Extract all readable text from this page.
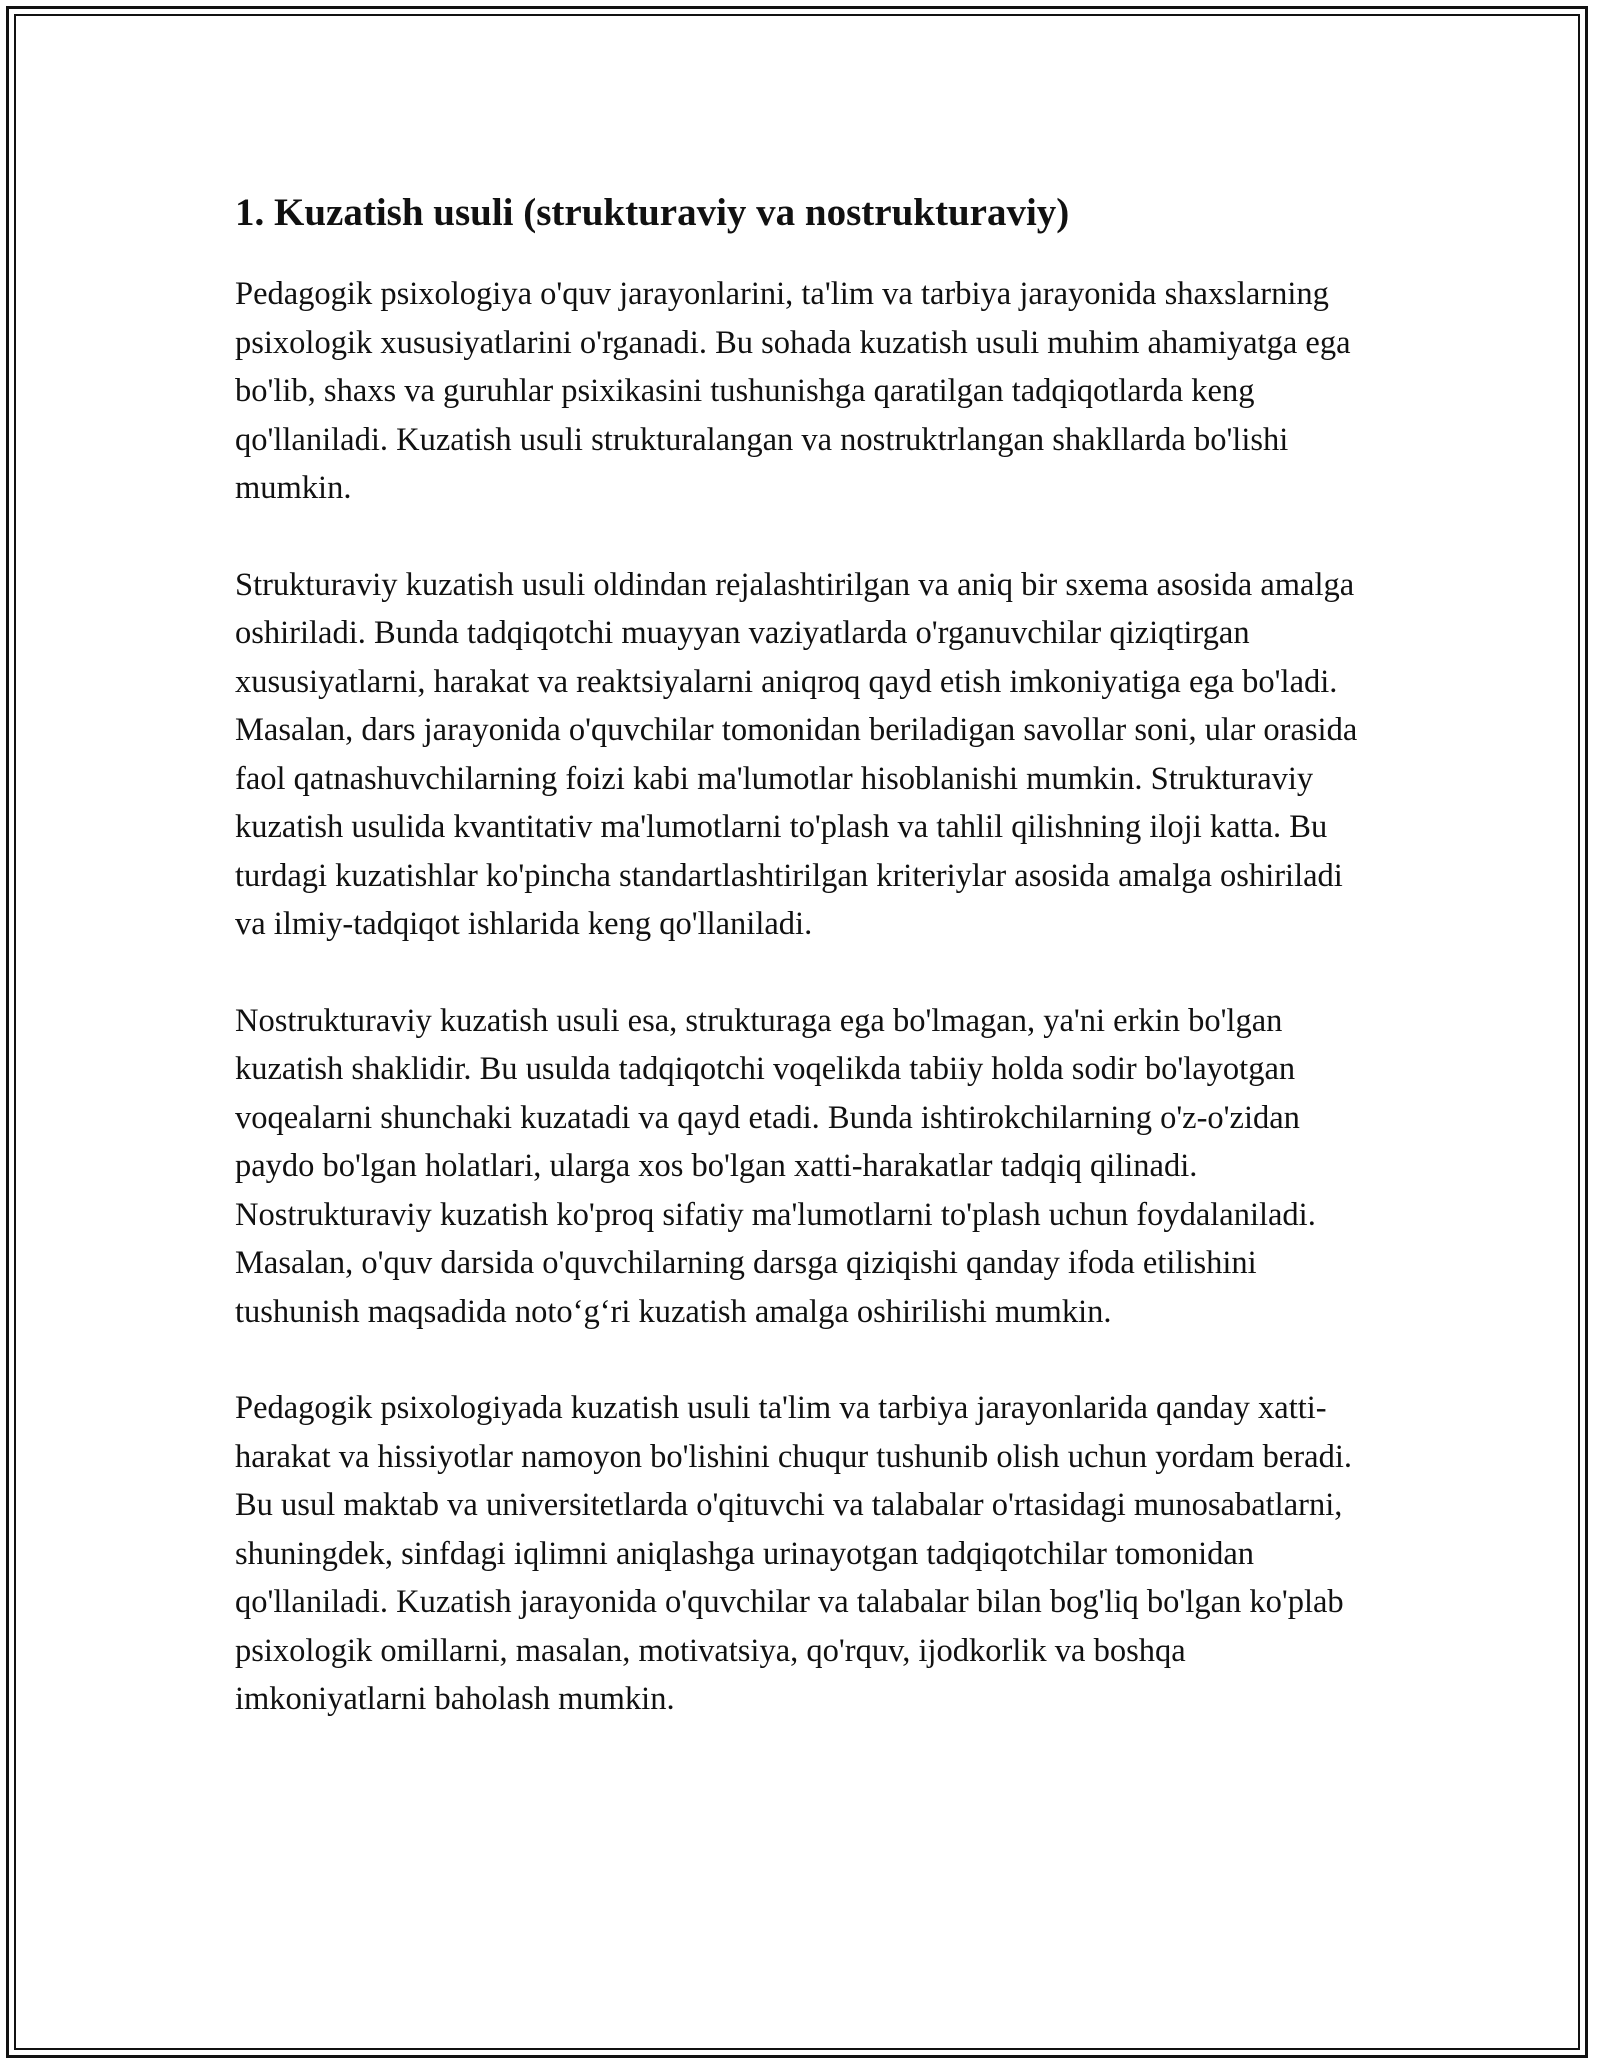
1. Kuzatish usuli (strukturaviy va nostrukturaviy)

Pedagogik psixologiya o'quv jarayonlarini, ta'lim va tarbiya jarayonida shaxslarning psixologik xususiyatlarini o'rganadi. Bu sohada kuzatish usuli muhim ahamiyatga ega bo'lib, shaxs va guruhlar psixikasini tushunishga qaratilgan tadqiqotlarda keng qo'llaniladi. Kuzatish usuli strukturalangan va nostruktrlangan shakllarda bo'lishi mumkin.

Strukturaviy kuzatish usuli oldindan rejalashtirilgan va aniq bir sxema asosida amalga oshiriladi. Bunda tadqiqotchi muayyan vaziyatlarda o'rganuvchilar qiziqtirgan xususiyatlarni, harakat va reaktsiyalarni aniqroq qayd etish imkoniyatiga ega bo'ladi. Masalan, dars jarayonida o'quvchilar tomonidan beriladigan savollar soni, ular orasida faol qatnashuvchilarning foizi kabi ma'lumotlar hisoblanishi mumkin. Strukturaviy kuzatish usulida kvantitativ ma'lumotlarni to'plash va tahlil qilishning iloji katta. Bu turdagi kuzatishlar ko'pincha standartlashtirilgan kriteriylar asosida amalga oshiriladi va ilmiy-tadqiqot ishlarida keng qo'llaniladi.

Nostrukturaviy kuzatish usuli esa, strukturaga ega bo'lmagan, ya'ni erkin bo'lgan kuzatish shaklidir. Bu usulda tadqiqotchi voqelikda tabiiy holda sodir bo'layotgan voqealarni shunchaki kuzatadi va qayd etadi. Bunda ishtirokchilarning o'z-o'zidan paydo bo'lgan holatlari, ularga xos bo'lgan xatti-harakatlar tadqiq qilinadi. Nostrukturaviy kuzatish ko'proq sifatiy ma'lumotlarni to'plash uchun foydalaniladi. Masalan, o'quv darsida o'quvchilarning darsga qiziqishi qanday ifoda etilishini tushunish maqsadida noto‘g‘ri kuzatish amalga oshirilishi mumkin.

Pedagogik psixologiyada kuzatish usuli ta'lim va tarbiya jarayonlarida qanday xatti-harakat va hissiyotlar namoyon bo'lishini chuqur tushunib olish uchun yordam beradi. Bu usul maktab va universitetlarda o'qituvchi va talabalar o'rtasidagi munosabatlarni, shuningdek, sinfdagi iqlimni aniqlashga urinayotgan tadqiqotchilar tomonidan qo'llaniladi. Kuzatish jarayonida o'quvchilar va talabalar bilan bog'liq bo'lgan ko'plab psixologik omillarni, masalan, motivatsiya, qo'rquv, ijodkorlik va boshqa imkoniyatlarni baholash mumkin.
